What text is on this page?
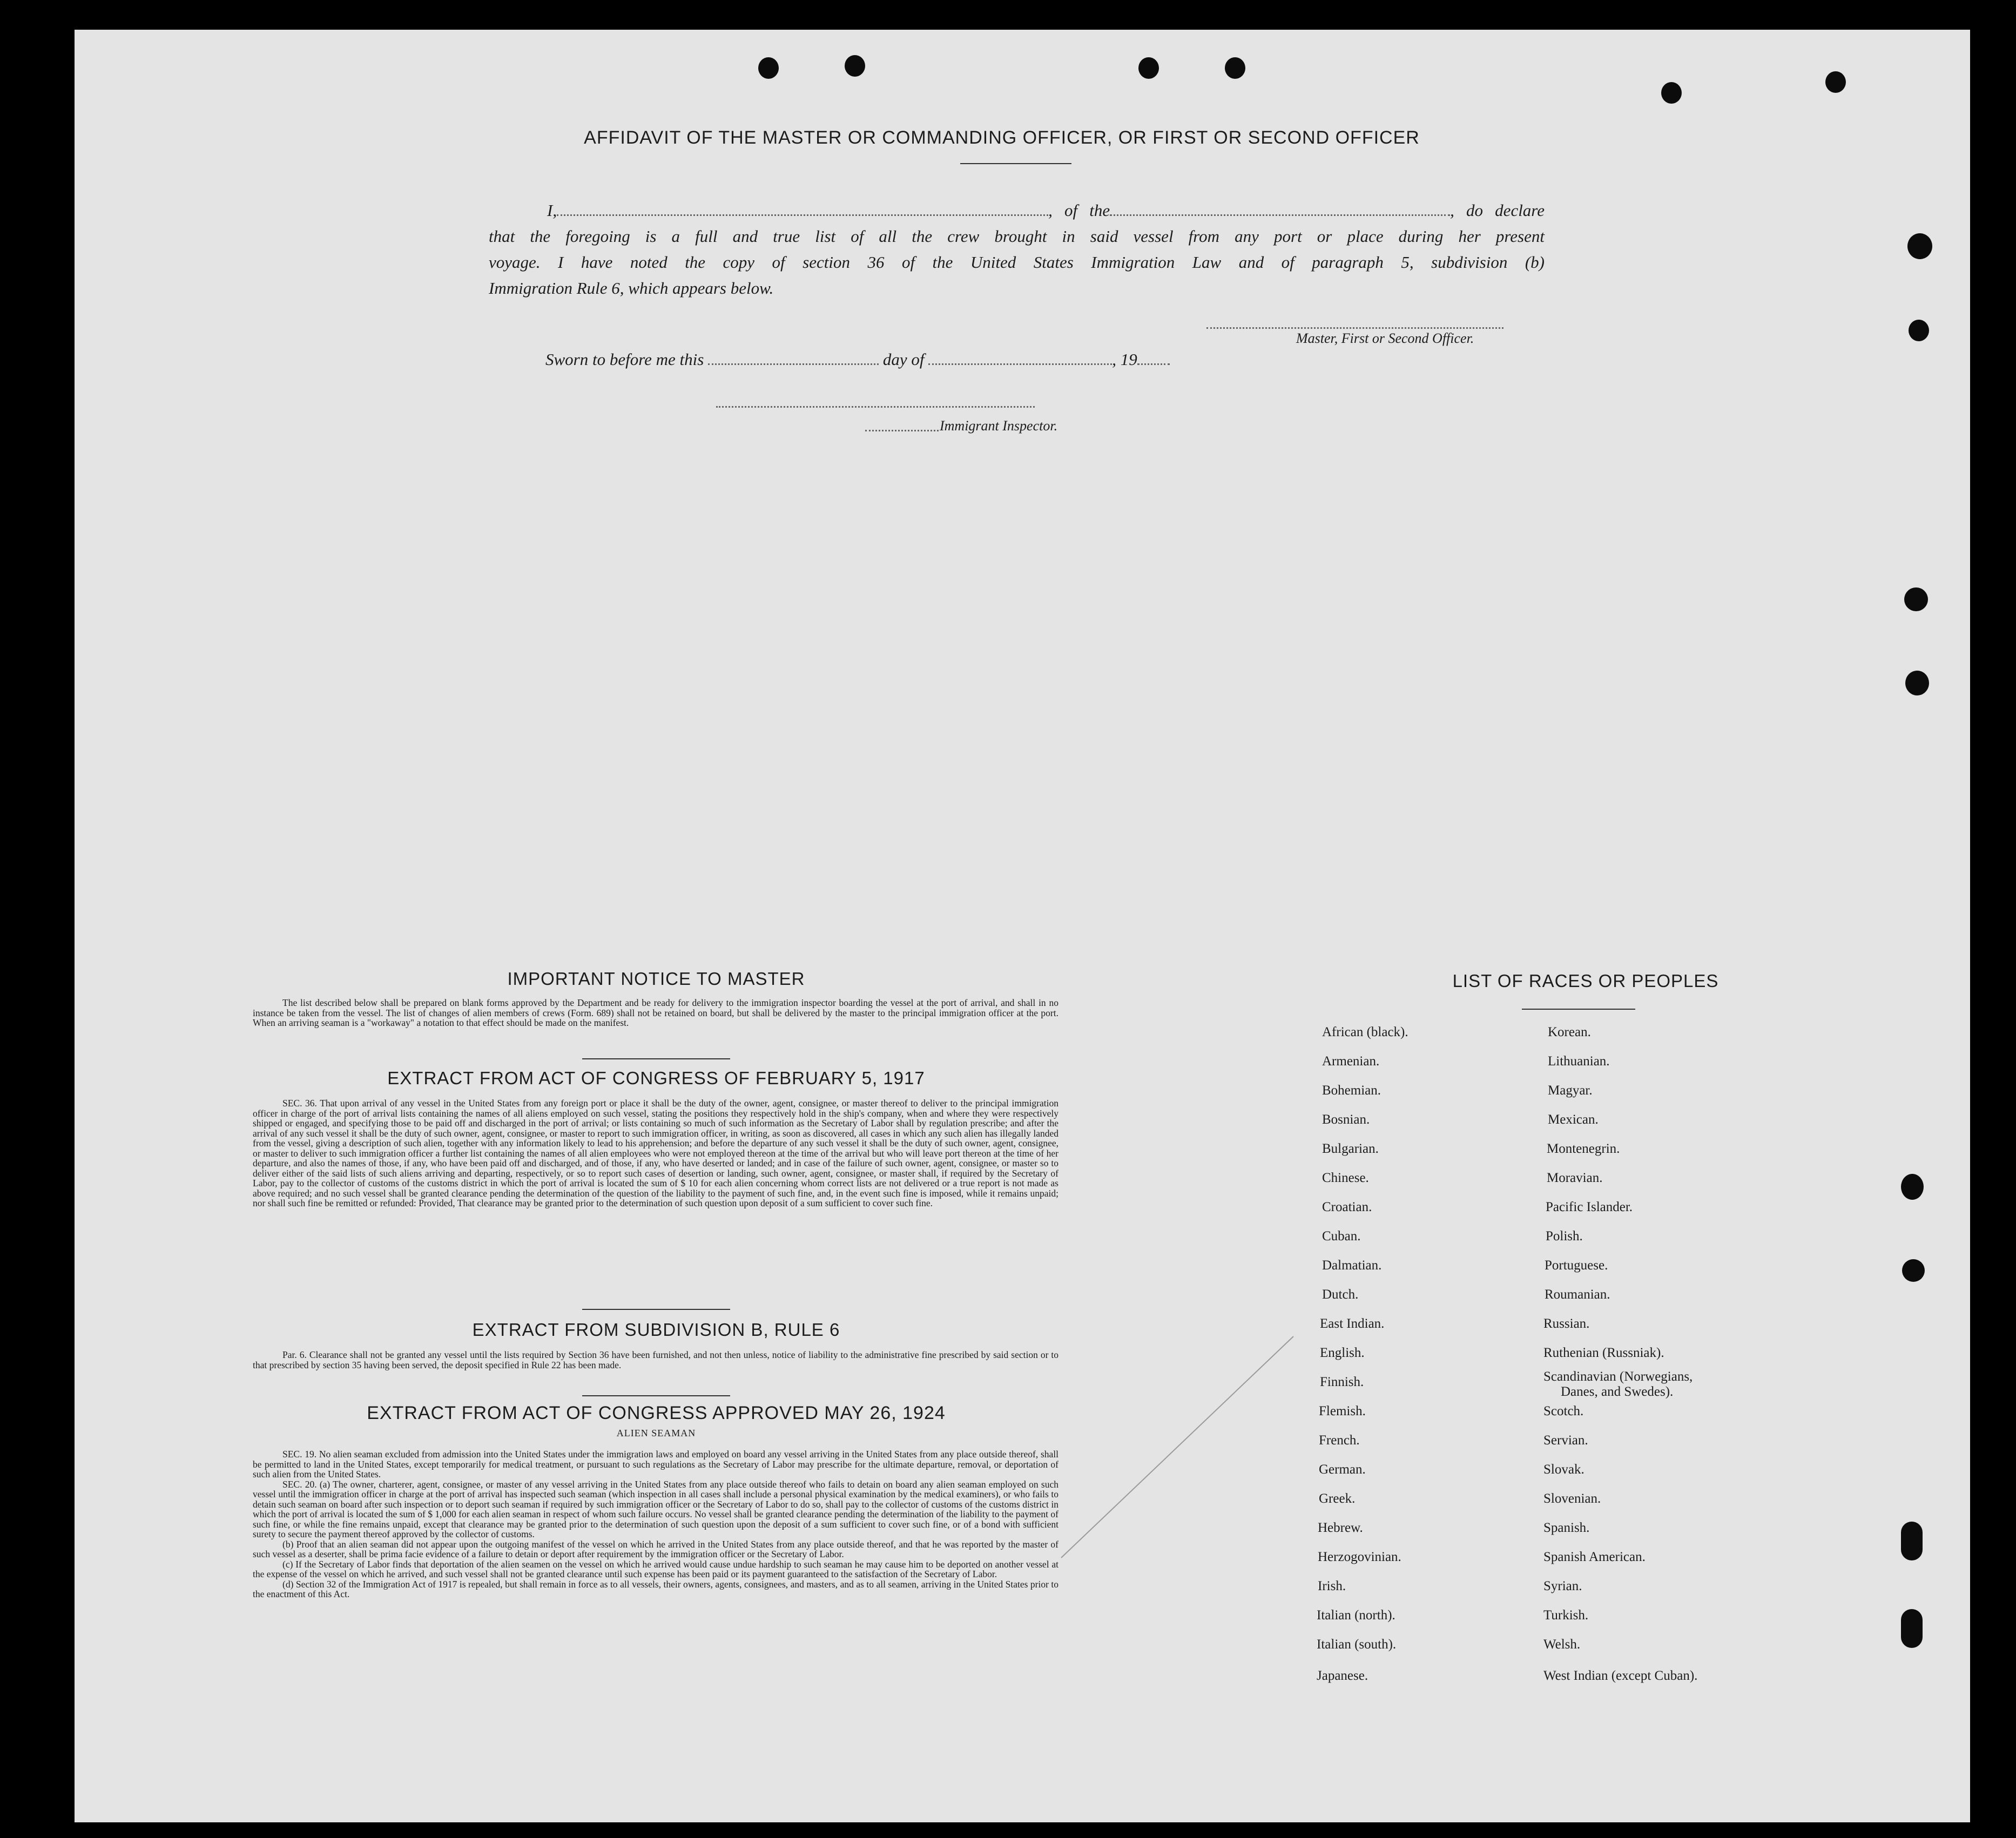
AFFIDAVIT OF THE MASTER OR COMMANDING OFFICER, OR FIRST OR SECOND OFFICER
I,	, of the	, do declare
that the foregoing is a full and true list of all the crew brought in said vessel from any port or place during her present
voyage. I have noted the copy of section 36 of the United States Immigration Law and of paragraph 5, subdivision (b)
Immigration Rule 6, which appears below.
Master, First or Second Officer.
Sworn to before me this	day of	, 19
Immigrant Inspector.
IMPORTANT NOTICE TO MASTER

The list described below shall be prepared on blank forms approved by the Department and be ready for delivery to the immigration inspector boarding the vessel at the port of arrival, and shall in no instance be taken from the vessel. The list of changes of alien members of crews (Form. 689) shall not be retained on board, but shall be delivered by the master to the principal immigration officer at the port. When an arriving seaman is a "workaway" a notation to that effect should be made on the manifest.

EXTRACT FROM ACT OF CONGRESS OF FEBRUARY 5, 1917

SEC. 36. That upon arrival of any vessel in the United States from any foreign port or place it shall be the duty of the owner, agent, consignee, or master thereof to deliver to the principal immigration officer in charge of the port of arrival lists containing the names of all aliens employed on such vessel, stating the positions they respectively hold in the ship's company, when and where they were respectively shipped or engaged, and specifying those to be paid off and discharged in the port of arrival; or lists containing so much of such information as the Secretary of Labor shall by regulation prescribe; and after the arrival of any such vessel it shall be the duty of such owner, agent, consignee, or master to report to such immigration officer, in writing, as soon as discovered, all cases in which any such alien has illegally landed from the vessel, giving a description of such alien, together with any information likely to lead to his apprehension; and before the departure of any such vessel it shall be the duty of such owner, agent, consignee, or master to deliver to such immigration officer a further list containing the names of all alien employees who were not employed thereon at the time of the arrival but who will leave port thereon at the time of her departure, and also the names of those, if any, who have been paid off and discharged, and of those, if any, who have deserted or landed; and in case of the failure of such owner, agent, consignee, or master so to deliver either of the said lists of such aliens arriving and departing, respectively, or so to report such cases of desertion or landing, such owner, agent, consignee, or master shall, if required by the Secretary of Labor, pay to the collector of customs of the customs district in which the port of arrival is located the sum of $ 10 for each alien concerning whom correct lists are not delivered or a true report is not made as above required; and no such vessel shall be granted clearance pending the determination of the question of the liability to the payment of such fine, and, in the event such fine is imposed, while it remains unpaid; nor shall such fine be remitted or refunded: Provided, That clearance may be granted prior to the determination of such question upon deposit of a sum sufficient to cover such fine.

EXTRACT FROM SUBDIVISION B, RULE 6

Par. 6. Clearance shall not be granted any vessel until the lists required by Section 36 have been furnished, and not then unless, notice of liability to the administrative fine prescribed by said section or to that prescribed by section 35 having been served, the deposit specified in Rule 22 has been made.

EXTRACT FROM ACT OF CONGRESS APPROVED MAY 26, 1924
ALIEN SEAMAN

SEC. 19. No alien seaman excluded from admission into the United States under the immigration laws and employed on board any vessel arriving in the United States from any place outside thereof, shall be permitted to land in the United States, except temporarily for medical treatment, or pursuant to such regulations as the Secretary of Labor may prescribe for the ultimate departure, removal, or deportation of such alien from the United States.

SEC. 20. (a) The owner, charterer, agent, consignee, or master of any vessel arriving in the United States from any place outside thereof who fails to detain on board any alien seaman employed on such vessel until the immigration officer in charge at the port of arrival has inspected such seaman (which inspection in all cases shall include a personal physical examination by the medical examiners), or who fails to detain such seaman on board after such inspection or to deport such seaman if required by such immigration officer or the Secretary of Labor to do so, shall pay to the collector of customs of the customs district in which the port of arrival is located the sum of $ 1,000 for each alien seaman in respect of whom such failure occurs. No vessel shall be granted clearance pending the determination of the liability to the payment of such fine, or while the fine remains unpaid, except that clearance may be granted prior to the determination of such question upon the deposit of a sum sufficient to cover such fine, or of a bond with sufficient surety to secure the payment thereof approved by the collector of customs.

(b) Proof that an alien seaman did not appear upon the outgoing manifest of the vessel on which he arrived in the United States from any place outside thereof, and that he was reported by the master of such vessel as a deserter, shall be prima facie evidence of a failure to detain or deport after requirement by the immigration officer or the Secretary of Labor.

(c) If the Secretary of Labor finds that deportation of the alien seamen on the vessel on which he arrived would cause undue hardship to such seaman he may cause him to be deported on another vessel at the expense of the vessel on which he arrived, and such vessel shall not be granted clearance until such expense has been paid or its payment guaranteed to the satisfaction of the Secretary of Labor.

(d) Section 32 of the Immigration Act of 1917 is repealed, but shall remain in force as to all vessels, their owners, agents, consignees, and masters, and as to all seamen, arriving in the United States prior to the enactment of this Act.

LIST OF RACES OR PEOPLES
African (black).
Armenian.
Bohemian.
Bosnian.
Bulgarian.
Chinese.
Croatian.
Cuban.
Dalmatian.
Dutch.
East Indian.
English.
Finnish.
Flemish.
French.
German.
Greek.
Hebrew.
Herzogovinian.
Irish.
Italian (north).
Italian (south).
Japanese.
Korean.
Lithuanian.
Magyar.
Mexican.
Montenegrin.
Moravian.
Pacific Islander.
Polish.
Portuguese.
Roumanian.
Russian.
Ruthenian (Russniak).
Scandinavian (Norwegians,
Danes, and Swedes).
Scotch.
Servian.
Slovak.
Slovenian.
Spanish.
Spanish American.
Syrian.
Turkish.
Welsh.
West Indian (except Cuban).
